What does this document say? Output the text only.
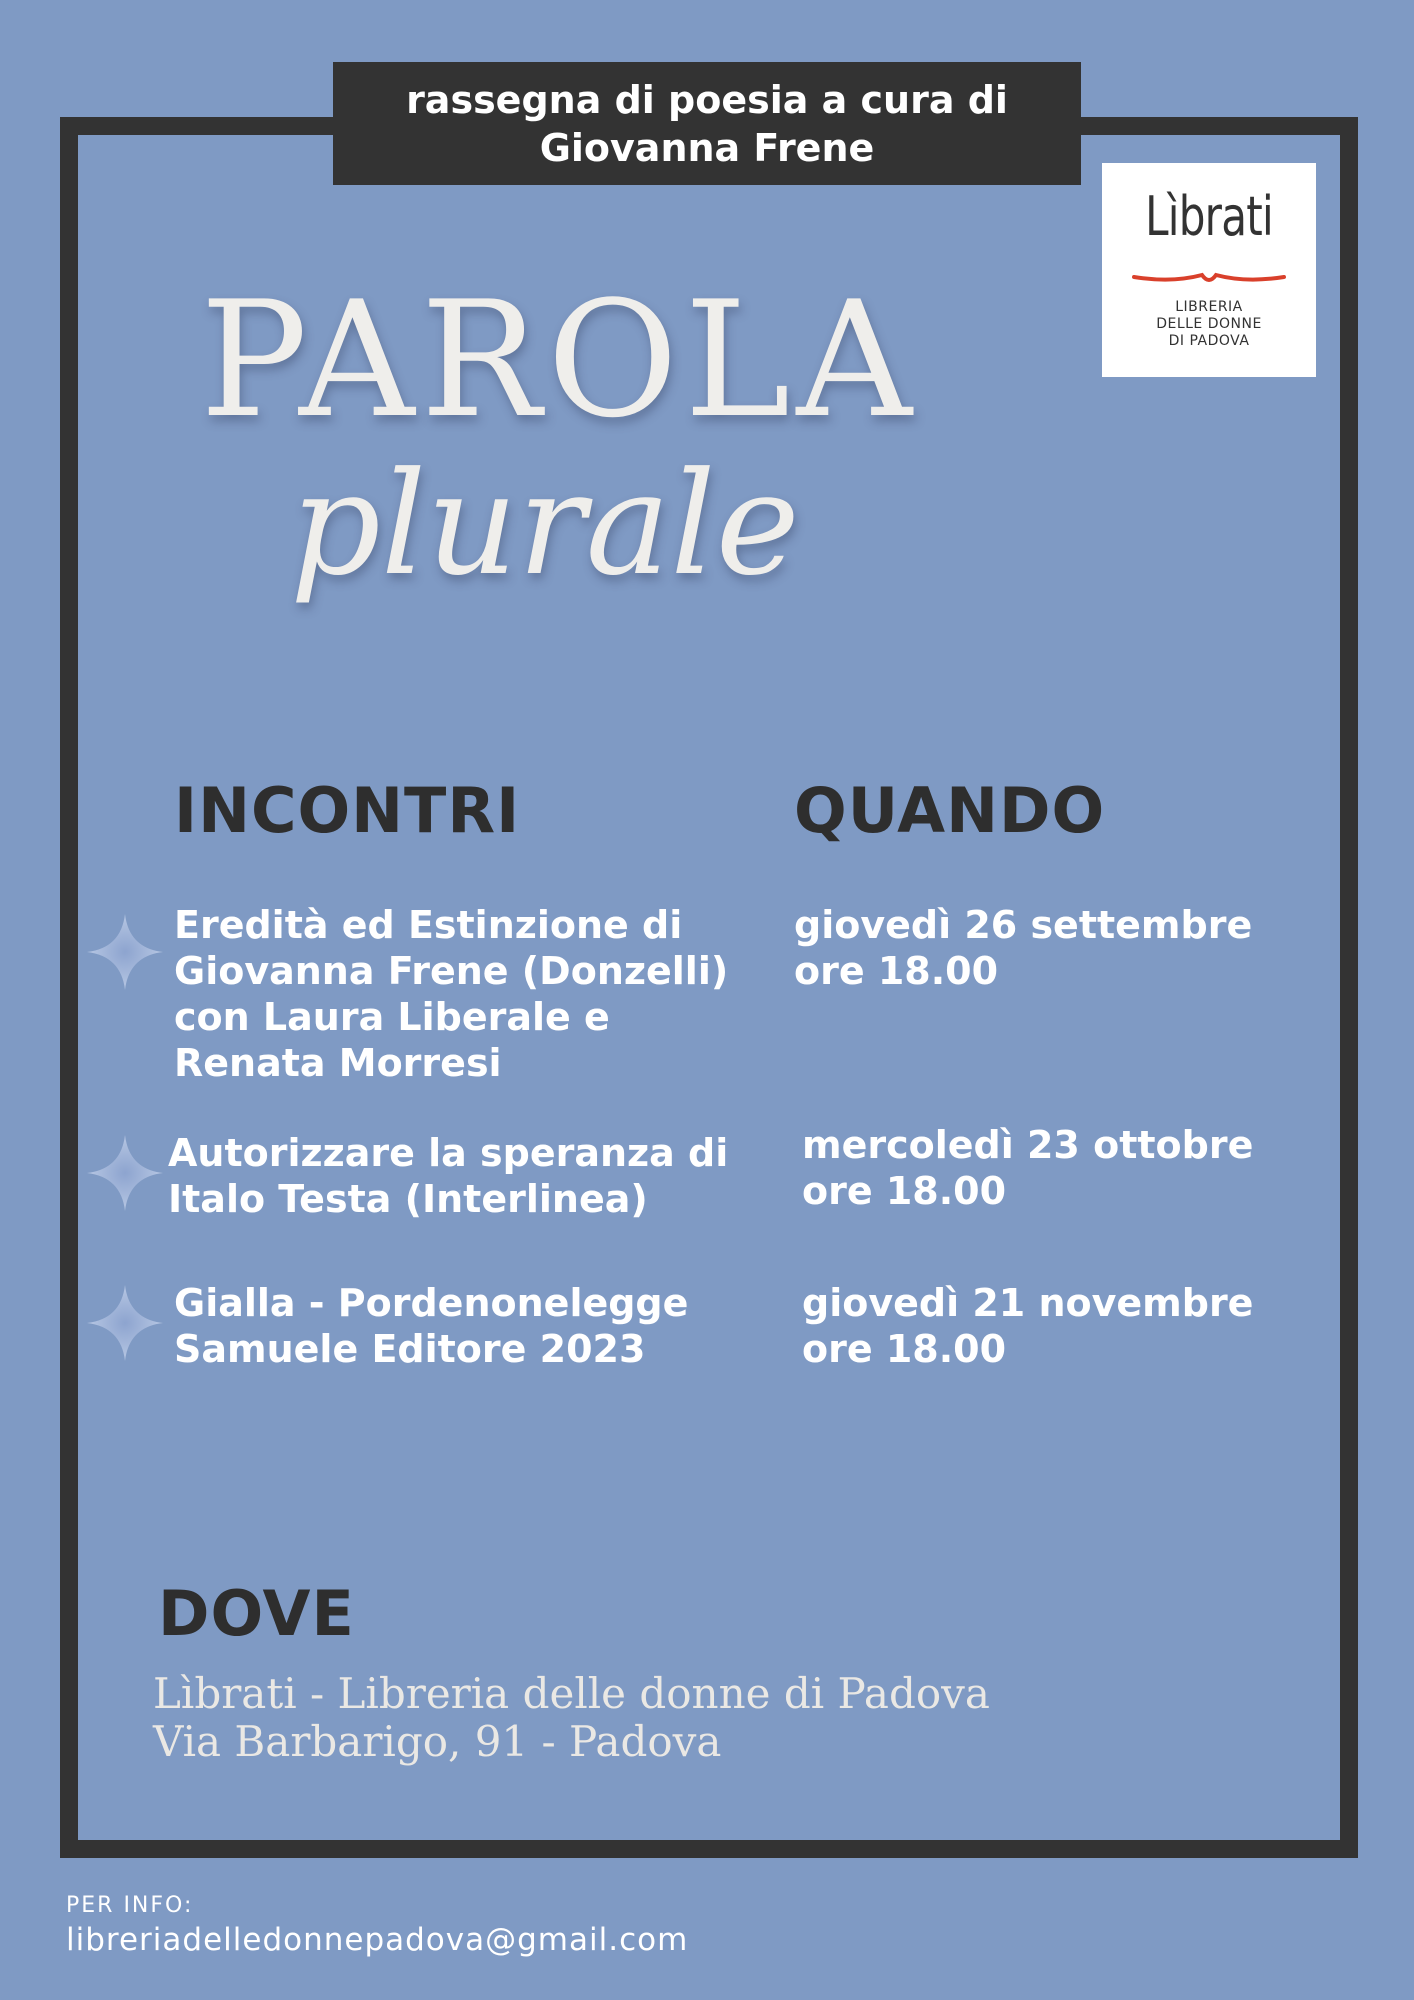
rassegna di poesia a cura di
Giovanna Frene
Lìbrati
LIBRERIA
DELLE DONNE
DI PADOVA
PAROLA
plurale
INCONTRI	QUANDO
Eredità ed Estinzione di
Giovanna Frene (Donzelli)
con Laura Liberale e
Renata Morresi
giovedì 26 settembre
ore 18.00
Autorizzare la speranza di
Italo Testa (Interlinea)
mercoledì 23 ottobre
ore 18.00
Gialla - Pordenonelegge
Samuele Editore 2023
giovedì 21 novembre
ore 18.00
DOVE
Lìbrati - Libreria delle donne di Padova
Via Barbarigo, 91 - Padova
PER INFO:
libreriadelledonnepadova@gmail.com
